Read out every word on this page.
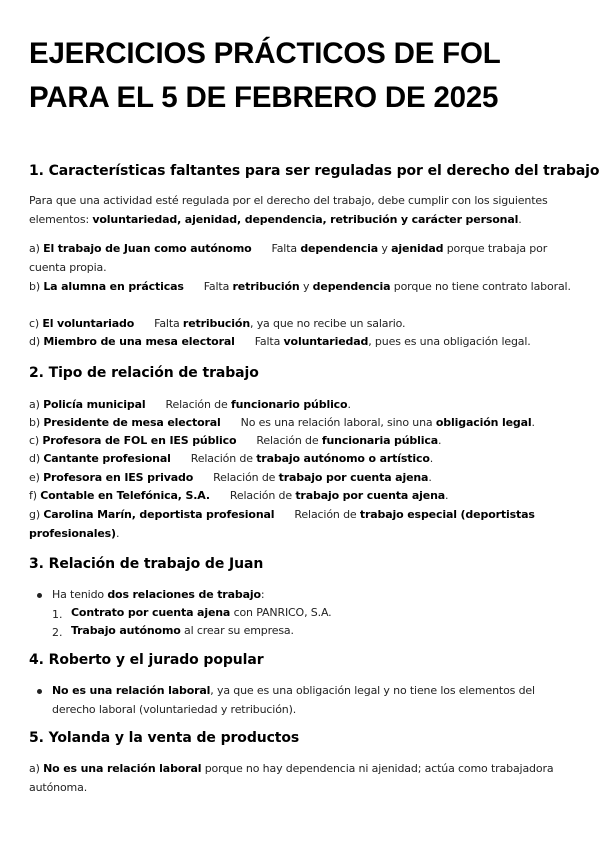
EJERCICIOS PRÁCTICOS DE FOL
PARA EL 5 DE FEBRERO DE 2025
1. Características faltantes para ser reguladas por el derecho del trabajo
Para que una actividad esté regulada por el derecho del trabajo, debe cumplir con los siguientes elementos: voluntariedad, ajenidad, dependencia, retribución y carácter personal.
a) El trabajo de Juan como autónomo Falta dependencia y ajenidad porque trabaja por cuenta propia.
b) La alumna en prácticas Falta retribución y dependencia porque no tiene contrato laboral.
c) El voluntariado Falta retribución, ya que no recibe un salario.
d) Miembro de una mesa electoral Falta voluntariedad, pues es una obligación legal.
2. Tipo de relación de trabajo
a) Policía municipal Relación de funcionario público.
b) Presidente de mesa electoral No es una relación laboral, sino una obligación legal.
c) Profesora de FOL en IES público Relación de funcionaria pública.
d) Cantante profesional Relación de trabajo autónomo o artístico.
e) Profesora en IES privado Relación de trabajo por cuenta ajena.
f) Contable en Telefónica, S.A. Relación de trabajo por cuenta ajena.
g) Carolina Marín, deportista profesional Relación de trabajo especial (deportistas profesionales).
3. Relación de trabajo de Juan
Ha tenido dos relaciones de trabajo:
1. Contrato por cuenta ajena con PANRICO, S.A.
2. Trabajo autónomo al crear su empresa.
4. Roberto y el jurado popular
No es una relación laboral, ya que es una obligación legal y no tiene los elementos del derecho laboral (voluntariedad y retribución).
5. Yolanda y la venta de productos
a) No es una relación laboral porque no hay dependencia ni ajenidad; actúa como trabajadora autónoma.
